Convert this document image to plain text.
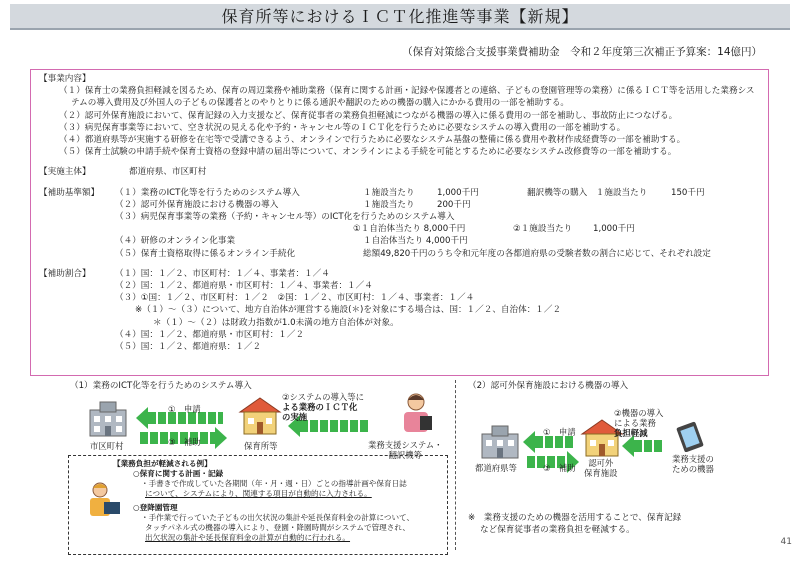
保育所等におけるＩＣＴ化推進等事業【新規】
（保育対策総合支援事業費補助金　令和２年度第三次補正予算案：14億円）
【事業内容】
（１）保育士の業務負担軽減を図るため、保育の周辺業務や補助業務（保育に関する計画・記録や保護者との連絡、子どもの登園管理等の業務）に係るＩＣＴ等を活用した業務システムの導入費用及び外国人の子どもの保護者とのやりとりに係る通訳や翻訳のための機器の購入にかかる費用の一部を補助する。
（２）認可外保育施設において、保育記録の入力支援など、保育従事者の業務負担軽減につながる機器の導入に係る費用の一部を補助し、事故防止につなげる。
（３）病児保育事業等において、空き状況の見える化や予約・キャンセル等のＩＣＴ化を行うために必要なシステムの導入費用の一部を補助する。
（４）都道府県等が実施する研修を在宅等で受講できるよう、オンラインで行うために必要なシステム基盤の整備に係る費用や教材作成経費等の一部を補助する。
（５）保育士試験の申請手続や保育士資格の登録申請の届出等について、オンラインによる手続を可能とするために必要なシステム改修費等の一部を補助する。
【実施主体】	都道府県、市区町村
【補助基準額】	（１）業務のICT化等を行うためのシステム導入	１施設当たり	1,000千円	翻訳機等の購入　１施設当たり	150千円
（２）認可外保育施設における機器の導入	１施設当たり	200千円
（３）病児保育事業等の業務（予約・キャンセル等）のICT化を行うためのシステム導入
①１自治体当たり 8,000千円	②１施設当たり	1,000千円
（４）研修のオンライン化事業	１自治体当たり 4,000千円
（５）保育士資格取得に係るオンライン手続化	総額49,820千円のうち令和元年度の各都道府県の受験者数の割合に応じて、それぞれ設定
【補助割合】	（１）国：１／２、市区町村：１／４、事業者：１／４
（２）国：１／２、都道府県・市区町村：１／４、事業者：１／４
（３）①国：１／２、市区町村：１／２　②国：１／２、市区町村：１／４、事業者：１／４
※（１）～（３）について、地方自治体が運営する施設(＊)を対象にする場合は、国：１／２、自治体：１／２
＊（１）～（２）は財政力指数が1.0未満の地方自治体が対象。
（４）国：１／２、都道府県・市区町村：１／２
（５）国：１／２、都道府県：１／２
（1）業務のICT化等を行うためのシステム導入
市区町村
①　申請
③　補助	保育所等
②システムの導入等に
よる業務のＩＣＴ化
の実施
業務支援システム・
翻訳機等
【業務負担が軽減される例】
○保育に関する計画・記録
・手書きで作成していた各期間（年・月・週・日）ごとの指導計画や保育日誌
について、システムにより、関連する項目が自動的に入力される。
○登降園管理
・手作業で行っていた子どもの出欠状況の集計や延長保育料金の計算について、
タッチパネル式の機器の導入により、登園・降園時間がシステムで管理され、
出欠状況の集計や延長保育料金の計算が自動的に行われる。
（2）認可外保育施設における機器の導入
都道府県等
①　申請
③　補助	認可外
保育施設
②機器の導入
による業務
負担軽減
業務支援の
ための機器
※　業務支援のための機器を活用することで、保育記録
など保育従事者の業務負担を軽減する。
41
